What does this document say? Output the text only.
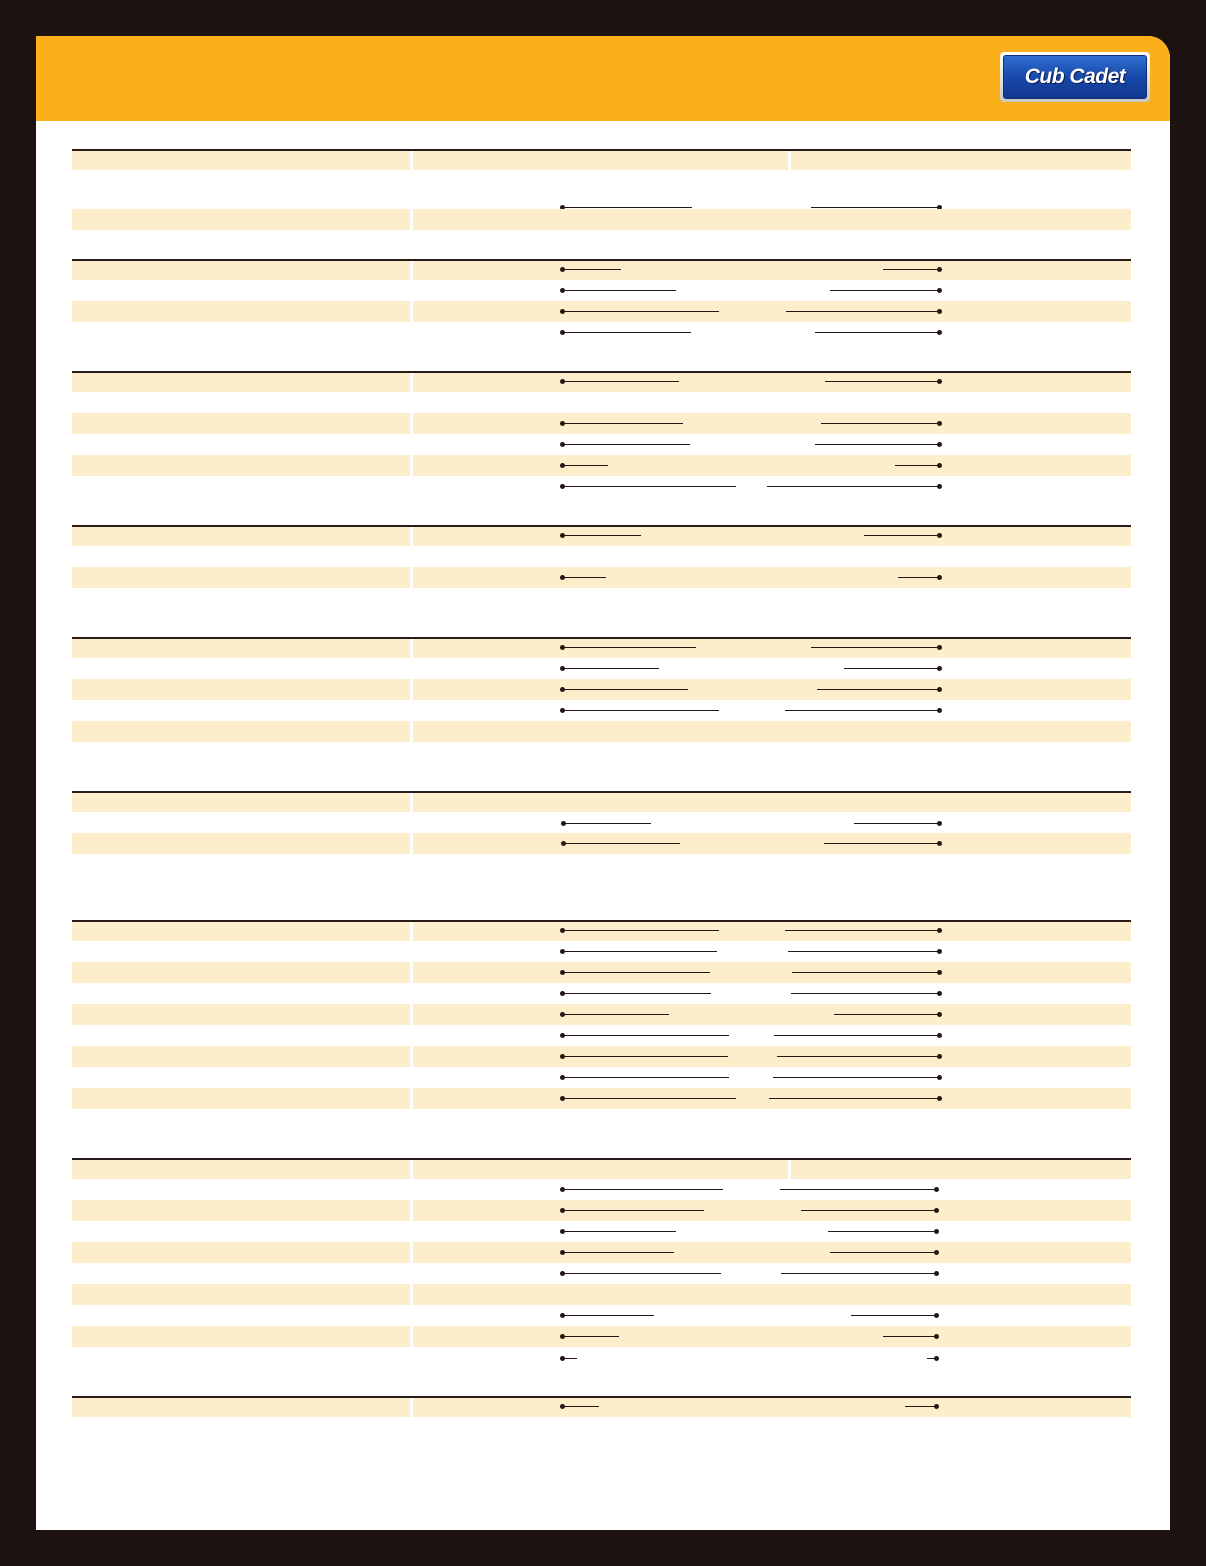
Cub Cadet
